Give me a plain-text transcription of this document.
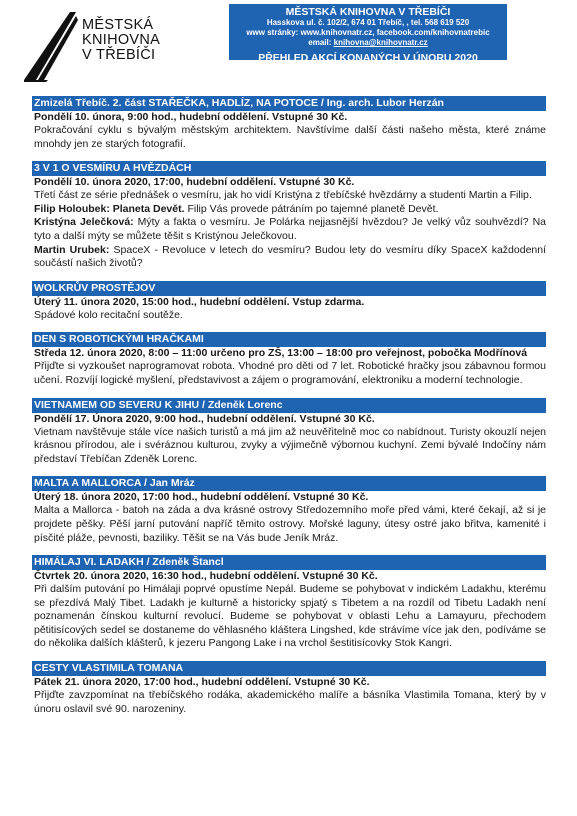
MĚSTSKÁ
KNIHOVNA
V TŘEBÍČI
MĚSTSKÁ KNIHOVNA V TŘEBÍČI
Hasskova ul. č. 102/2, 674 01 Třebíč, , tel. 568 619 520
www stránky: www.knihovnatr.cz, facebook.com/knihovnatrebic
email: knihovna@knihovnatr.cz
PŘEHLED AKCÍ KONANÝCH V ÚNORU 2020
Zmizelá Třebíč. 2. část STAŘEČKA, HADLÍZ, NA POTOCE / Ing. arch. Lubor Herzán
Pondělí 10. února, 9:00 hod., hudební oddělení. Vstupné 30 Kč.

Pokračování cyklu s bývalým městským architektem. Navštívíme další části našeho města, které známe mnohdy jen ze starých fotografií.

3 V 1 O VESMÍRU A HVĚZDÁCH
Pondělí 10. února 2020, 17:00, hudební oddělení. Vstupné 30 Kč.

Třetí část ze série přednášek o vesmíru, jak ho vidí Kristýna z třebíčské hvězdárny a studenti Martin a Filip.

Filip Holoubek: Planeta Devět. Filip Vás provede pátráním po tajemné planetě Devět.

Kristýna Jelečková: Mýty a fakta o vesmíru. Je Polárka nejjasnější hvězdou? Je velký vůz souhvězdí? Na tyto a další mýty se můžete těšit s Kristýnou Jelečkovou.

Martin Urubek: SpaceX - Revoluce v letech do vesmíru? Budou lety do vesmíru díky SpaceX každodenní součástí našich životů?

WOLKRŮV PROSTĚJOV
Úterý 11. února 2020, 15:00 hod., hudební oddělení. Vstup zdarma.

Spádové kolo recitační soutěže.

DEN S ROBOTICKÝMI HRAČKAMI
Středa 12. února 2020, 8:00 – 11:00 určeno pro ZŠ, 13:00 – 18:00 pro veřejnost, pobočka Modřínová

Přijďte si vyzkoušet naprogramovat robota. Vhodné pro děti od 7 let. Robotické hračky jsou zábavnou formou učení. Rozvíjí logické myšlení, představivost a zájem o programování, elektroniku a moderní technologie.

VIETNAMEM OD SEVERU K JIHU / Zdeněk Lorenc
Pondělí 17. Února 2020, 9:00 hod., hudební oddělení. Vstupné 30 Kč.

Vietnam navštěvuje stále více našich turistů a má jim až neuvěřitelně moc co nabídnout. Turisty okouzlí nejen krásnou přírodou, ale i svéráznou kulturou, zvyky a výjimečně výbornou kuchyní. Zemi bývalé Indočíny nám představí Třebíčan Zdeněk Lorenc.

MALTA A MALLORCA / Jan Mráz
Úterý 18. února 2020, 17:00 hod., hudební oddělení. Vstupné 30 Kč.

Malta a Mallorca - batoh na záda a dva krásné ostrovy Středozemního moře před vámi, které čekají, až si je projdete pěšky. Pěší jarní putování napříč těmito ostrovy. Mořské laguny, útesy ostré jako břitva, kamenité i písčité pláže, pevnosti, baziliky. Těšit se na Vás bude Jeník Mráz.

HIMÁLAJ VI. LADAKH / Zdeněk Štancl
Čtvrtek 20. února 2020, 16:30 hod., hudební oddělení. Vstupné 30 Kč.

Při dalším putování po Himálaji poprvé opustíme Nepál. Budeme se pohybovat v indickém Ladakhu, kterému se přezdívá Malý Tibet. Ladakh je kulturně a historicky spjatý s Tibetem a na rozdíl od Tibetu Ladakh není poznamenán čínskou kulturní revolucí. Budeme se pohybovat v oblasti Lehu a Lamayuru, přechodem pětitisícových sedel se dostaneme do věhlasného kláštera Lingshed, kde strávíme více jak den, podíváme se do několika dalších klášterů, k jezeru Pangong Lake i na vrchol šestitisícovky Stok Kangri.

CESTY VLASTIMILA TOMANA
Pátek 21. února 2020, 17:00 hod., hudební oddělení. Vstupné 30 Kč.

Přijďte zavzpomínat na třebíčského rodáka, akademického malíře a básníka Vlastimila Tomana, který by v únoru oslavil své 90. narozeniny.
